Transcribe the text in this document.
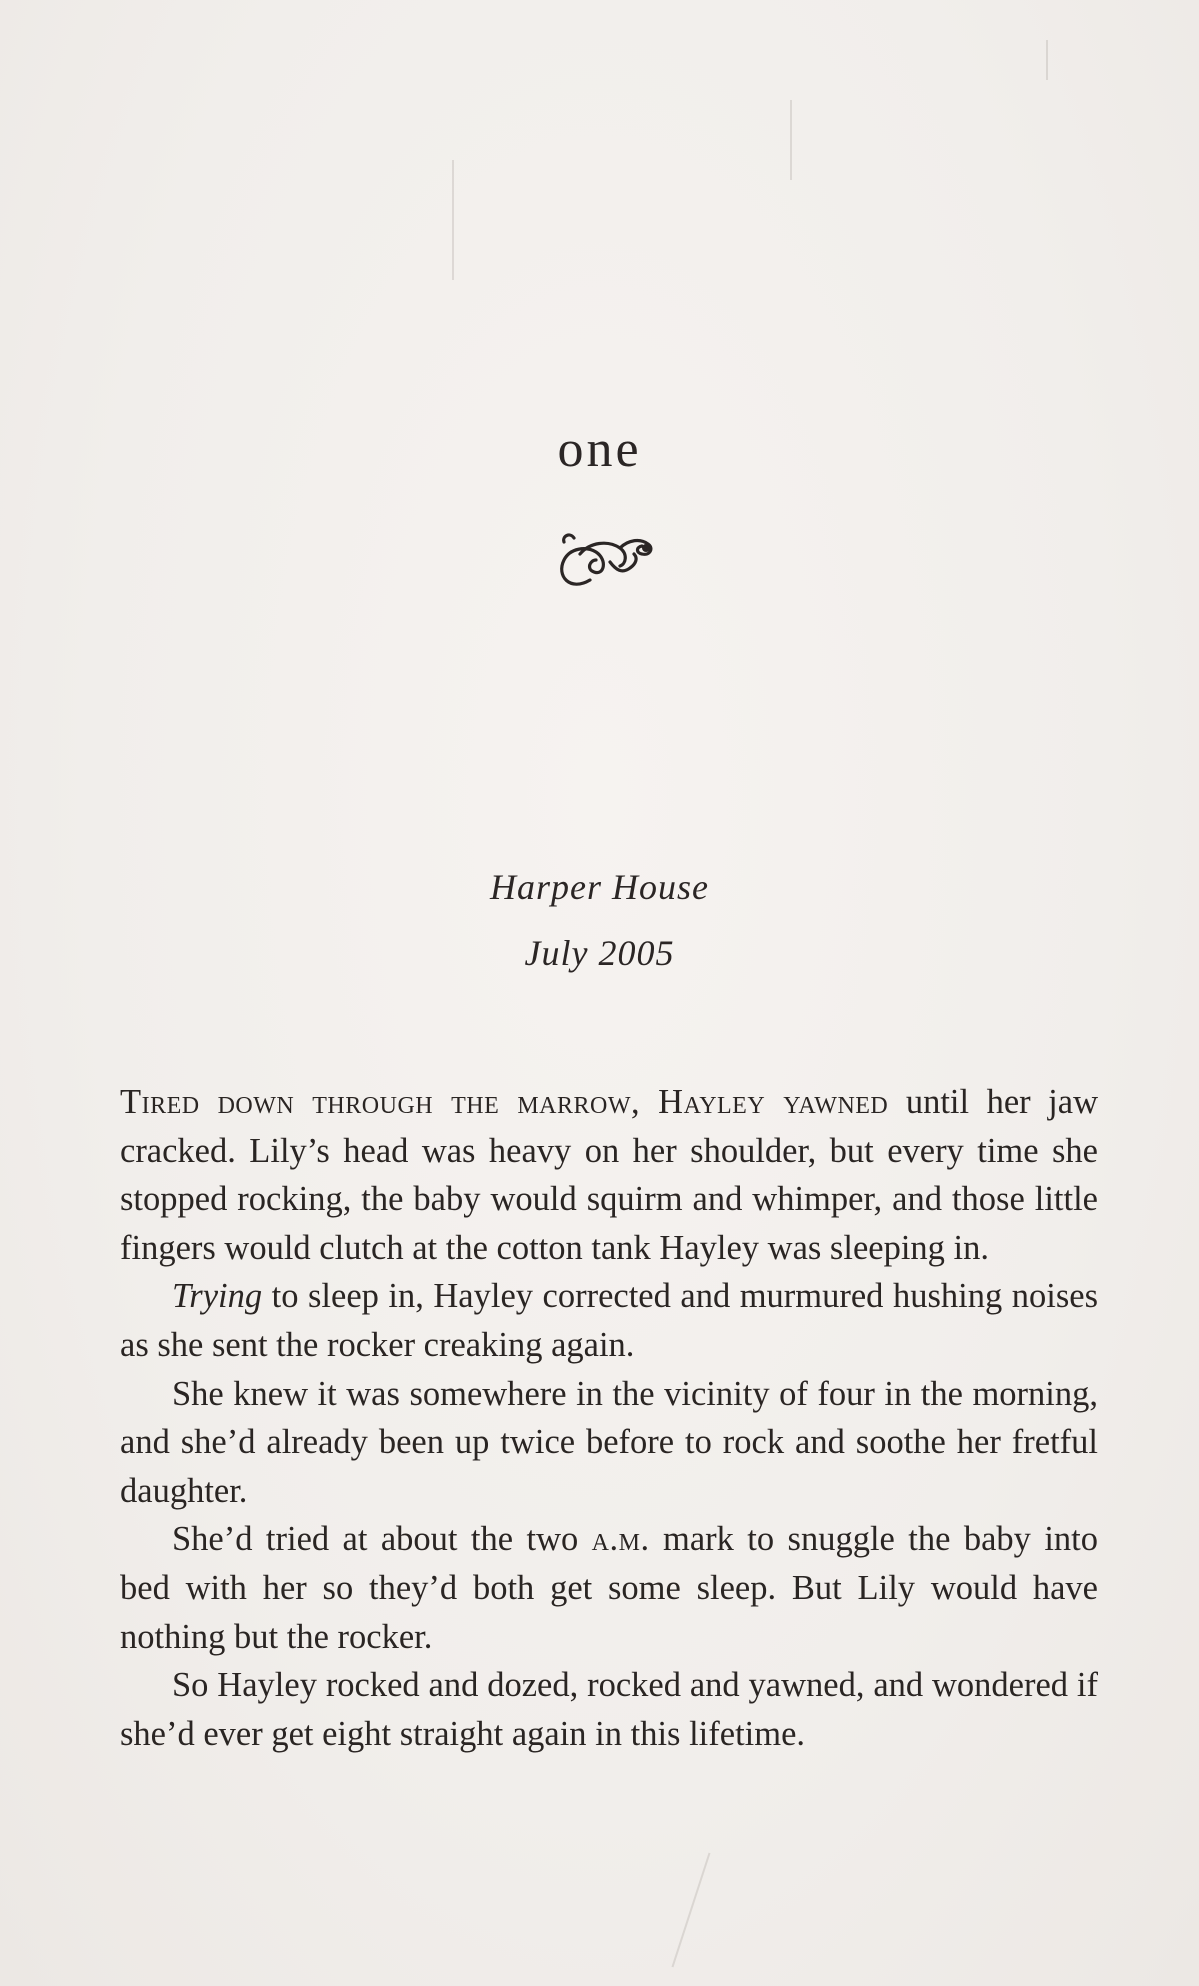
one
Harper House
July 2005

Tired down through the marrow, Hayley yawned until her jaw cracked. Lily’s head was heavy on her shoulder, but every time she stopped rocking, the baby would squirm and whimper, and those little fingers would clutch at the cotton tank Hayley was sleeping in.

Trying to sleep in, Hayley corrected and murmured hushing noises as she sent the rocker creaking again.

She knew it was somewhere in the vicinity of four in the morning, and she’d already been up twice before to rock and soothe her fretful daughter.

She’d tried at about the two a.m. mark to snuggle the baby into bed with her so they’d both get some sleep. But Lily would have nothing but the rocker.

So Hayley rocked and dozed, rocked and yawned, and wondered if she’d ever get eight straight again in this lifetime.
